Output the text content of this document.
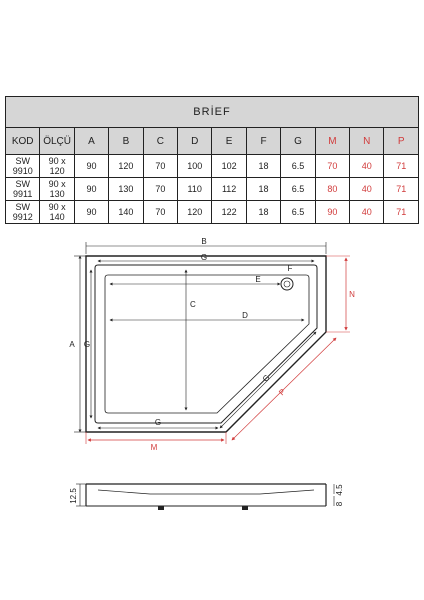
BRİEF											
KOD	ÖLÇÜ	A	B	C	D	E	F	G	M	N	P
SW 9910	90 x 120	90	120	70	100	102	18	6.5	70	40	71
SW 9911	90 x 130	90	130	70	110	112	18	6.5	80	40	71
SW 9912	90 x 140	90	140	70	120	122	18	6.5	90	40	71
B
G
F
E
C
D
A G
G
G
M
N
P
12.5	4.5
8
